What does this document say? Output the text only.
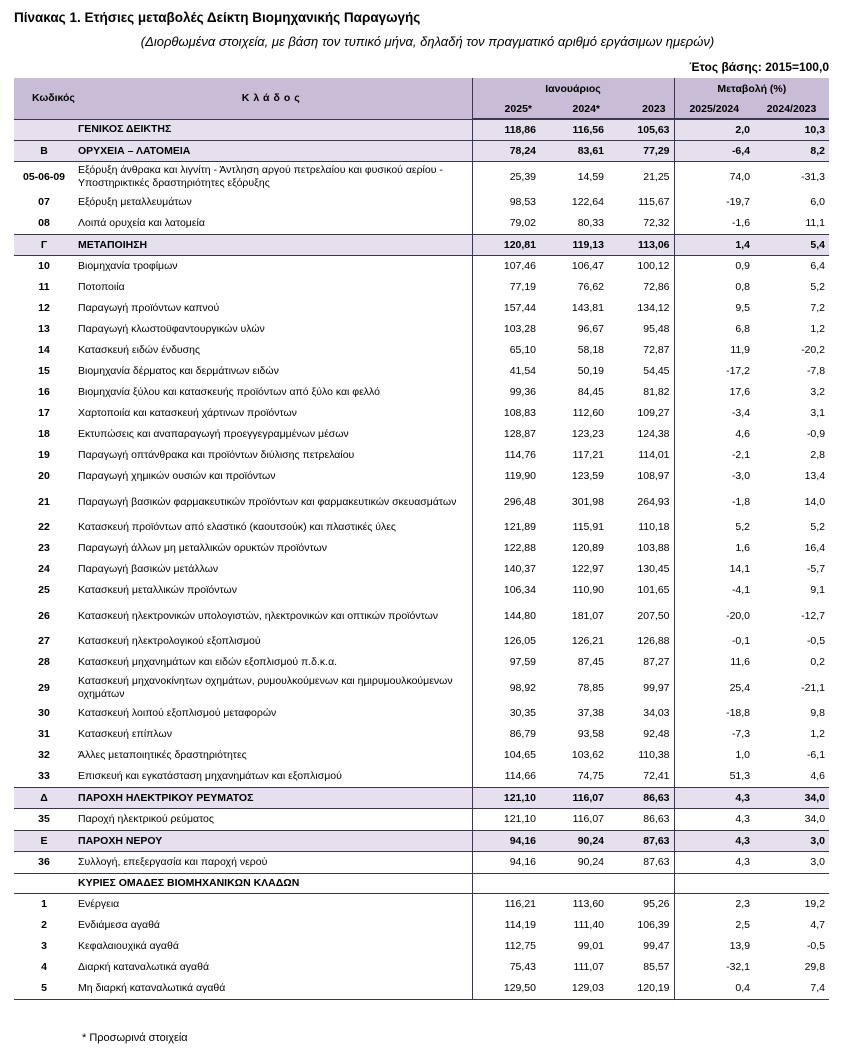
Πίνακας 1. Ετήσιες μεταβολές Δείκτη Βιομηχανικής Παραγωγής
(Διορθωμένα στοιχεία, με βάση τον τυπικό μήνα, δηλαδή τον πραγματικό αριθμό εργάσιμων ημερών)
Έτος βάσης: 2015=100,0
Κωδικός	Κλάδος	Ιανουάριος			Μεταβολή (%)	
		2025*	2024*	2023	2025/2024	2024/2023
	ΓΕΝΙΚΟΣ ΔΕΙΚΤΗΣ	118,86	116,56	105,63	2,0	10,3
Β	ΟΡΥΧΕΙΑ – ΛΑΤΟΜΕΙΑ	78,24	83,61	77,29	-6,4	8,2
05-06-09	Εξόρυξη άνθρακα και λιγνίτη - Άντληση αργού πετρελαίου και φυσικού αερίου - Υποστηρικτικές δραστηριότητες εξόρυξης	25,39	14,59	21,25	74,0	-31,3
07	Εξόρυξη μεταλλευμάτων	98,53	122,64	115,67	-19,7	6,0
08	Λοιπά ορυχεία και λατομεία	79,02	80,33	72,32	-1,6	11,1
Γ	ΜΕΤΑΠΟΙΗΣΗ	120,81	119,13	113,06	1,4	5,4
10	Βιομηχανία τροφίμων	107,46	106,47	100,12	0,9	6,4
11	Ποτοποιία	77,19	76,62	72,86	0,8	5,2
12	Παραγωγή προϊόντων καπνού	157,44	143,81	134,12	9,5	7,2
13	Παραγωγή κλωστοϋφαντουργικών υλών	103,28	96,67	95,48	6,8	1,2
14	Κατασκευή ειδών ένδυσης	65,10	58,18	72,87	11,9	-20,2
15	Βιομηχανία δέρματος και δερμάτινων ειδών	41,54	50,19	54,45	-17,2	-7,8
16	Βιομηχανία ξύλου και κατασκευής προϊόντων από ξύλο και φελλό	99,36	84,45	81,82	17,6	3,2
17	Χαρτοποιία και κατασκευή χάρτινων προϊόντων	108,83	112,60	109,27	-3,4	3,1
18	Εκτυπώσεις και αναπαραγωγή προεγγεγραμμένων μέσων	128,87	123,23	124,38	4,6	-0,9
19	Παραγωγή οπτάνθρακα και προϊόντων διύλισης πετρελαίου	114,76	117,21	114,01	-2,1	2,8
20	Παραγωγή χημικών ουσιών και προϊόντων	119,90	123,59	108,97	-3,0	13,4
21	Παραγωγή βασικών φαρμακευτικών προϊόντων και φαρμακευτικών σκευασμάτων	296,48	301,98	264,93	-1,8	14,0
22	Κατασκευή προϊόντων από ελαστικό (καουτσούκ) και πλαστικές ύλες	121,89	115,91	110,18	5,2	5,2
23	Παραγωγή άλλων μη μεταλλικών ορυκτών προϊόντων	122,88	120,89	103,88	1,6	16,4
24	Παραγωγή βασικών μετάλλων	140,37	122,97	130,45	14,1	-5,7
25	Κατασκευή μεταλλικών προϊόντων	106,34	110,90	101,65	-4,1	9,1
26	Κατασκευή ηλεκτρονικών υπολογιστών, ηλεκτρονικών και οπτικών προϊόντων	144,80	181,07	207,50	-20,0	-12,7
27	Κατασκευή ηλεκτρολογικού εξοπλισμού	126,05	126,21	126,88	-0,1	-0,5
28	Κατασκευή μηχανημάτων και ειδών εξοπλισμού π.δ.κ.α.	97,59	87,45	87,27	11,6	0,2
29	Κατασκευή μηχανοκίνητων οχημάτων, ρυμουλκούμενων και ημιρυμουλκούμενων οχημάτων	98,92	78,85	99,97	25,4	-21,1
30	Κατασκευή λοιπού εξοπλισμού μεταφορών	30,35	37,38	34,03	-18,8	9,8
31	Κατασκευή επίπλων	86,79	93,58	92,48	-7,3	1,2
32	Άλλες μεταποιητικές δραστηριότητες	104,65	103,62	110,38	1,0	-6,1
33	Επισκευή και εγκατάσταση μηχανημάτων και εξοπλισμού	114,66	74,75	72,41	51,3	4,6
Δ	ΠΑΡΟΧΗ ΗΛΕΚΤΡΙΚΟΥ ΡΕΥΜΑΤΟΣ	121,10	116,07	86,63	4,3	34,0
35	Παροχή ηλεκτρικού ρεύματος	121,10	116,07	86,63	4,3	34,0
Ε	ΠΑΡΟΧΗ ΝΕΡΟΥ	94,16	90,24	87,63	4,3	3,0
36	Συλλογή, επεξεργασία και παροχή νερού	94,16	90,24	87,63	4,3	3,0
	ΚΥΡΙΕΣ ΟΜΑΔΕΣ ΒΙΟΜΗΧΑΝΙΚΩΝ ΚΛΑΔΩΝ					
1	Ενέργεια	116,21	113,60	95,26	2,3	19,2
2	Ενδιάμεσα αγαθά	114,19	111,40	106,39	2,5	4,7
3	Κεφαλαιουχικά αγαθά	112,75	99,01	99,47	13,9	-0,5
4	Διαρκή καταναλωτικά αγαθά	75,43	111,07	85,57	-32,1	29,8
5	Μη διαρκή καταναλωτικά αγαθά	129,50	129,03	120,19	0,4	7,4
* Προσωρινά στοιχεία
